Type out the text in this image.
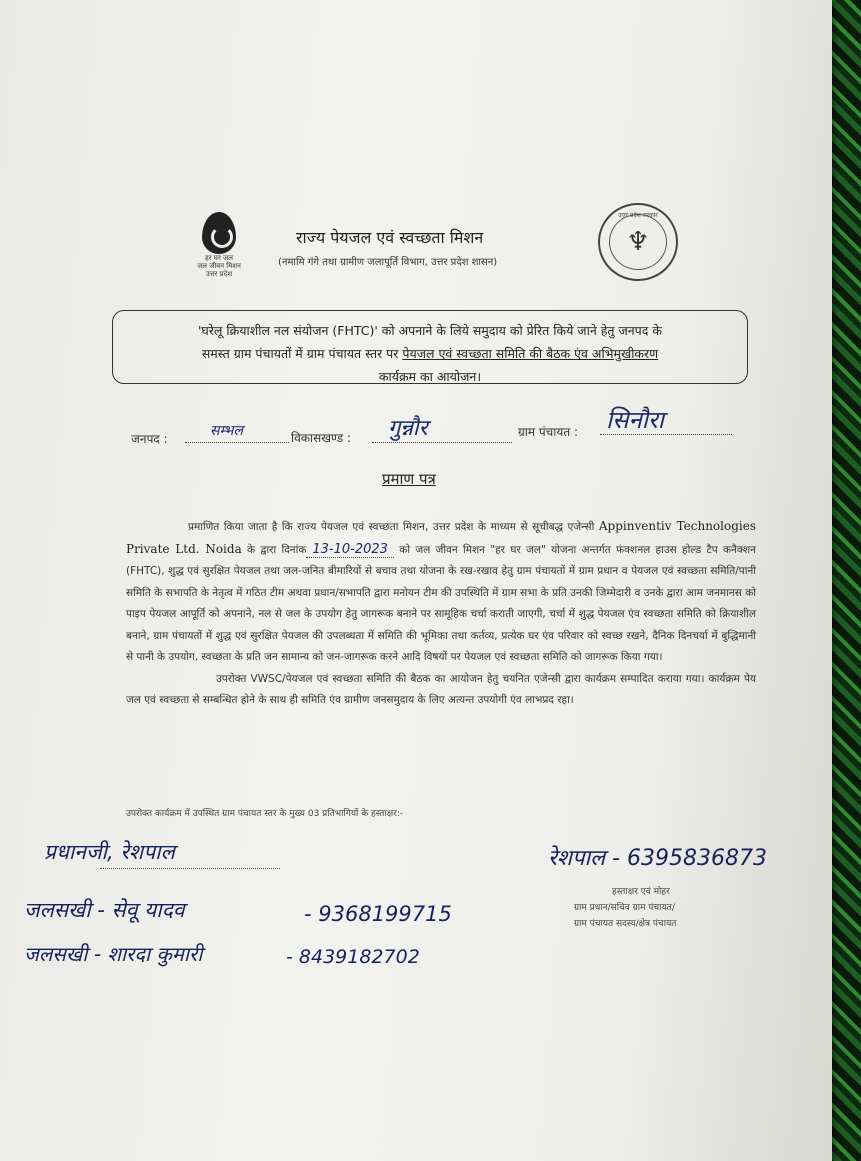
हर घर जल
जल जीवन मिशन
उत्तर प्रदेश
राज्य पेयजल एवं स्वच्छता मिशन
(नमामि गंगे तथा ग्रामीण जलापूर्ति विभाग, उत्तर प्रदेश शासन)
उत्तर प्रदेश सरकार
♆
'घरेलू क्रियाशील नल संयोजन (FHTC)' को अपनाने के लिये समुदाय को प्रेरित किये जाने हेतु जनपद के
समस्त ग्राम पंचायतों में ग्राम पंचायत स्तर पर पेयजल एवं स्वच्छता समिति की बैठक एंव अभिमुखीकरण
कार्यक्रम का आयोजन।
जनपद :	सम्भल	विकासखण्ड : गुन्नौर	ग्राम पंचायत : सिनौरा
प्रमाण पत्र
प्रमाणित किया जाता है कि राज्य पेयजल एवं स्वच्छता मिशन, उत्तर प्रदेश के माध्यम से सूचीबद्ध एजेन्सी Appinventiv Technologies Private Ltd. Noida के द्वारा दिनांक 13-10-2023 को जल जीवन मिशन "हर घर जल" योजना अन्तर्गत फंक्शनल हाउस होल्ड टैप कनैक्शन (FHTC), शुद्ध एवं सुरक्षित पेयजल तथा जल-जनित बीमारियों से बचाव तथा योजना के रख-रखाव हेतु ग्राम पंचायतों में ग्राम प्रधान व पेयजल एवं स्वच्छता समिति/पानी समिति के सभापति के नेतृत्व में गठित टीम अथवा प्रधान/सभापति द्वारा मनोयन टीम की उपस्थिति में ग्राम सभा के प्रति उनकी जिम्मेदारी व उनके द्वारा आम जनमानस को पाइप पेयजल आपूर्ति को अपनाने, नल से जल के उपयोग हेतु जागरूक बनाने पर सामूहिक चर्चा कराती जाएगी, चर्चा में शुद्ध पेयजल एंव स्वच्छता समिति को क्रियाशील बनाने, ग्राम पंचायतों में शुद्ध एवं सुरक्षित पेयजल की उपलब्धता में समिति की भूमिका तथा कर्तव्य, प्रत्येक घर एंव परिवार को स्वच्छ रखने, दैनिक दिनचर्या में बुद्धिमानी से पानी के उपयोग, स्वच्छता के प्रति जन सामान्य को जन-जागरूक करने आदि विषयों पर पेयजल एवं स्वच्छता समिति को जागरूक किया गया।
उपरोक्त VWSC/पेयजल एवं स्वच्छता समिति की बैठक का आयोजन हेतु चयनित एजेन्सी द्वारा कार्यक्रम सम्पादित कराया गया। कार्यक्रम पेय जल एवं स्वच्छता से सम्बन्धित होने के साथ ही समिति एंव ग्रामीण जनसमुदाय के लिए अत्यन्त उपयोगी एंव लाभप्रद रहा।
उपरोक्त कार्यक्रम में उपस्थित ग्राम पंचायत स्तर के मुख्य 03 प्रतिभागियों के हस्ताक्षर:-
प्रधानजी, रेशपाल
जलसखी - सेवू यादव	- 9368199715
जलसखी - शारदा कुमारी	- 8439182702
रेशपाल - 6395836873
हस्ताक्षर एवं मोहर
ग्राम प्रधान/सचिव ग्राम पंचायत/
ग्राम पंचायत सदस्य/क्षेत्र पंचायत
